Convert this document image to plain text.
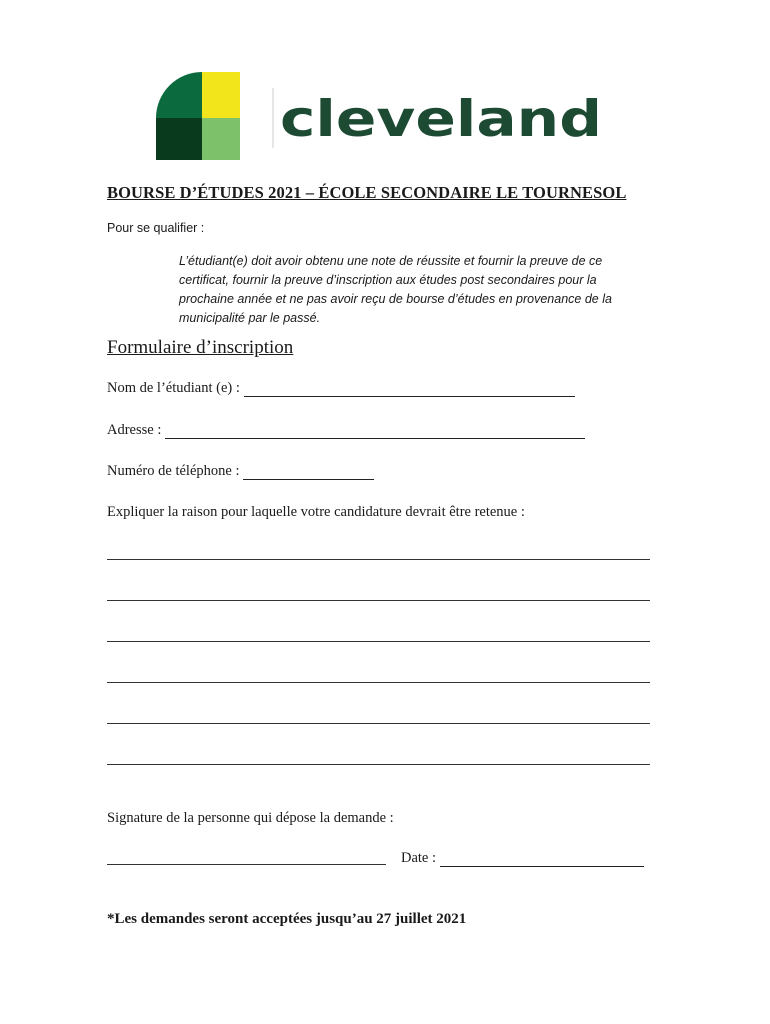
cleveland
BOURSE D’ÉTUDES 2021 – ÉCOLE SECONDAIRE LE TOURNESOL
Pour se qualifier :
L’étudiant(e) doit avoir obtenu une note de réussite et fournir la preuve de ce
certificat, fournir la preuve d’inscription aux études post secondaires pour la
prochaine année et ne pas avoir reçu de bourse d’études en provenance de la
municipalité par le passé.
Formulaire d’inscription
Nom de l’étudiant (e) :
Adresse :
Numéro de téléphone :
Expliquer la raison pour laquelle votre candidature devrait être retenue :
Signature de la personne qui dépose la demande :
Date :
*Les demandes seront acceptées jusqu’au 27 juillet 2021
